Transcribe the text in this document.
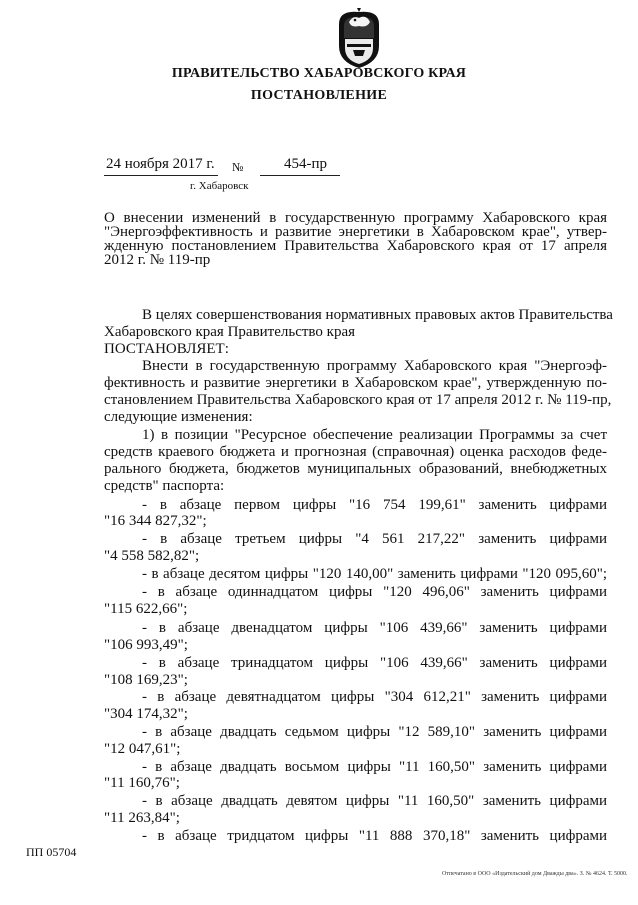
ПРАВИТЕЛЬСТВО ХАБАРОВСКОГО КРАЯ
ПОСТАНОВЛЕНИЕ
24 ноября 2017 г. №	454-пр
г. Хабаровск
О внесении изменений в государственную программу Хабаровского края
"Энергоэффективность и развитие энергетики в Хабаровском крае", утвер-
жденную постановлением Правительства Хабаровского края от 17 апреля
2012 г. № 119-пр
В целях совершенствования нормативных правовых актов Правительства
Хабаровского края Правительство края
ПОСТАНОВЛЯЕТ:
Внести в государственную программу Хабаровского края "Энергоэф-
фективность и развитие энергетики в Хабаровском крае", утвержденную по-
становлением Правительства Хабаровского края от 17 апреля 2012 г. № 119-пр,
следующие изменения:
1) в позиции "Ресурсное обеспечение реализации Программы за счет
средств краевого бюджета и прогнозная (справочная) оценка расходов феде-
рального бюджета, бюджетов муниципальных образований, внебюджетных
средств" паспорта:
- в абзаце первом цифры "16 754 199,61" заменить цифрами
"16 344 827,32";
- в абзаце третьем цифры "4 561 217,22" заменить цифрами
"4 558 582,82";
- в абзаце десятом цифры "120 140,00" заменить цифрами "120 095,60";
- в абзаце одиннадцатом цифры "120 496,06" заменить цифрами
"115 622,66";
- в абзаце двенадцатом цифры "106 439,66" заменить цифрами
"106 993,49";
- в абзаце тринадцатом цифры "106 439,66" заменить цифрами
"108 169,23";
- в абзаце девятнадцатом цифры "304 612,21" заменить цифрами
"304 174,32";
- в абзаце двадцать седьмом цифры "12 589,10" заменить цифрами
"12 047,61";
- в абзаце двадцать восьмом цифры "11 160,50" заменить цифрами
"11 160,76";
- в абзаце двадцать девятом цифры "11 160,50" заменить цифрами
"11 263,84";
- в абзаце тридцатом цифры "11 888 370,18" заменить цифрами
ПП 05704
Отпечатано в ООО «Издательский дом Дважды два». З. № 4624. Т. 5000.
